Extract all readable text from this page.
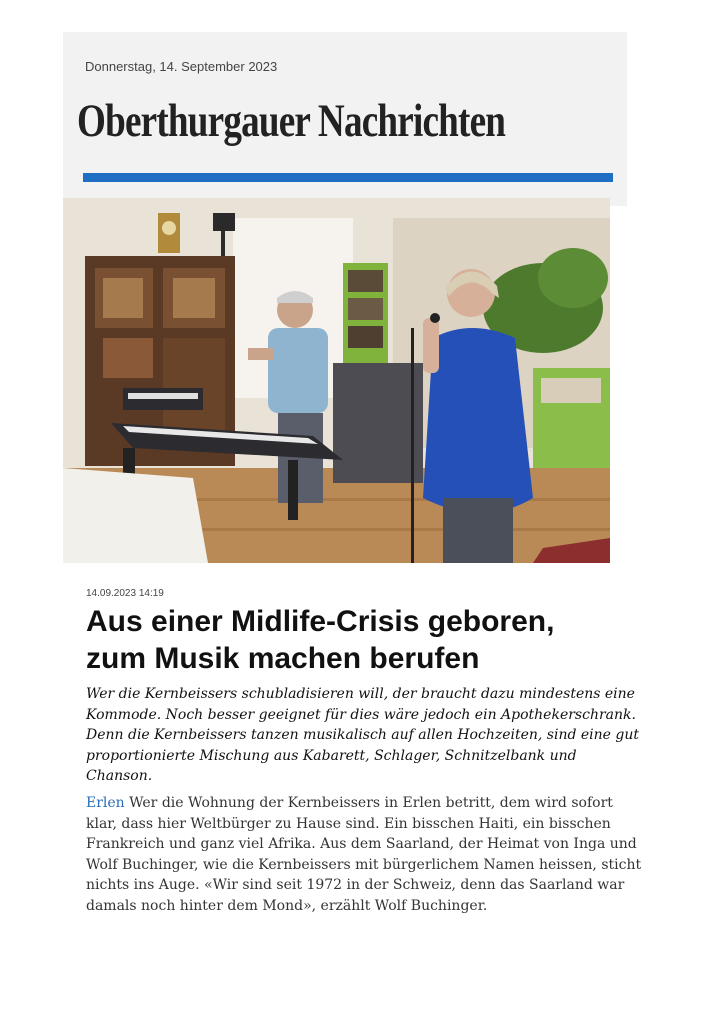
Donnerstag, 14. September 2023
Oberthurgauer Nachrichten
14.09.2023 14:19
Aus einer Midlife-Crisis geboren,
zum Musik machen berufen

Wer die Kernbeissers schubladisieren will, der braucht dazu mindestens eine Kommode. Noch besser geeignet für dies wäre jedoch ein Apothekerschrank. Denn die Kernbeissers tanzen musikalisch auf allen Hochzeiten, sind eine gut proportionierte Mischung aus Kabarett, Schlager, Schnitzelbank und Chanson.

Erlen Wer die Wohnung der Kernbeissers in Erlen betritt, dem wird sofort klar, dass hier Weltbürger zu Hause sind. Ein bisschen Haiti, ein bisschen Frankreich und ganz viel Afrika. Aus dem Saarland, der Heimat von Inga und Wolf Buchinger, wie die Kernbeissers mit bürgerlichem Namen heissen, sticht nichts ins Auge. «Wir sind seit 1972 in der Schweiz, denn das Saarland war damals noch hinter dem Mond», erzählt Wolf Buchinger.
